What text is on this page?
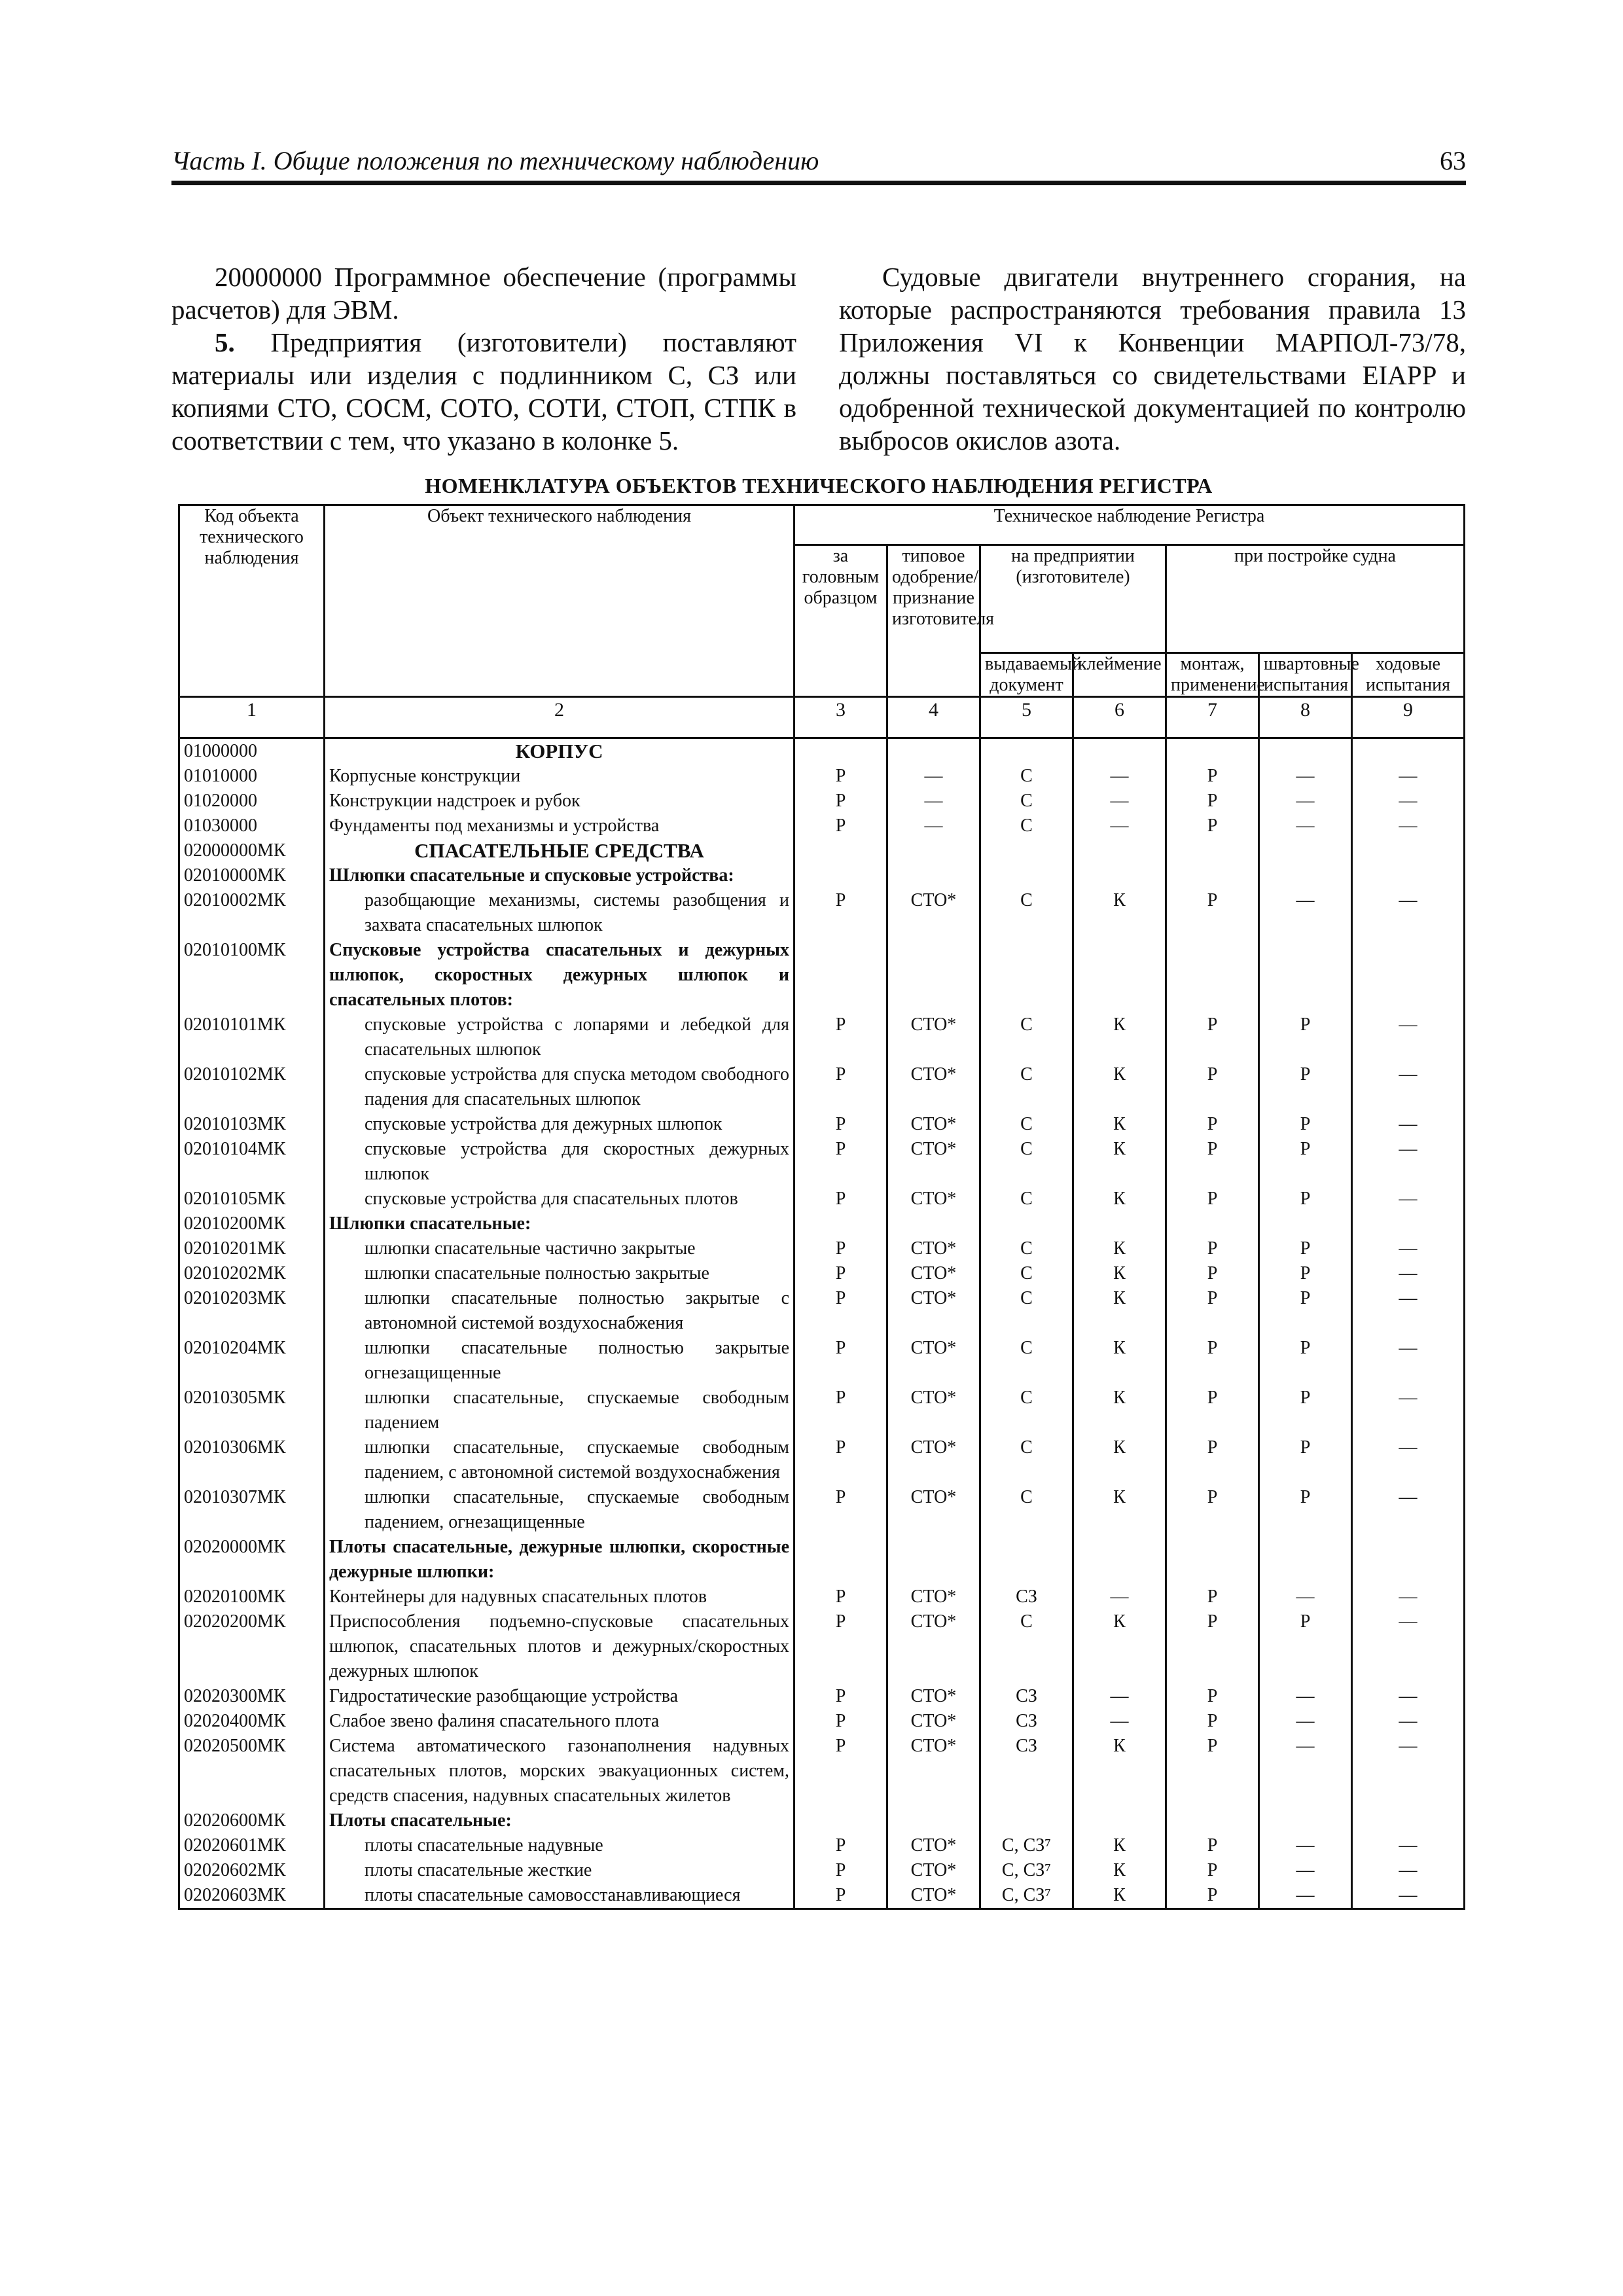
Часть I. Общие положения по техническому наблюдению	63

20000000 Программное обеспечение (программы расчетов) для ЭВМ.

5. Предприятия (изготовители) поставляют материалы или изделия с подлинником С, СЗ или копиями СТО, СОСМ, СОТО, СОТИ, СТОП, СТПК в соответствии с тем, что указано в колонке 5.

Судовые двигатели внутреннего сгорания, на которые распространяются требования правила 13 Приложения VI к Конвенции МАРПОЛ-73/78, должны поставляться со свидетельствами EIAPP и одобренной технической документацией по контролю выбросов окислов азота.

НОМЕНКЛАТУРА ОБЪЕКТОВ ТЕХНИЧЕСКОГО НАБЛЮДЕНИЯ РЕГИСТРА
Код объекта технического наблюдения	Объект технического наблюдения	Техническое наблюдение Регистра						
		за головным образцом	типовое одобрение/признание изготовителя	на предприятии (изготовителе)		при постройке судна		
				выдаваемый документ	клеймение	монтаж, применение	швартовные испытания	ходовые испытания
1	2	3	4	5	6	7	8	9
01000000	КОРПУС							
01010000	Корпусные конструкции	Р	—	С	—	Р	—	—
01020000	Конструкции надстроек и рубок	Р	—	С	—	Р	—	—
01030000	Фундаменты под механизмы и устройства	Р	—	С	—	Р	—	—
02000000МК	СПАСАТЕЛЬНЫЕ СРЕДСТВА							
02010000МК	Шлюпки спасательные и спусковые устройства:							
02010002МК	разобщающие механизмы, системы разобщения и захвата спасательных шлюпок	Р	СТО*	С	К	Р	—	—
02010100МК	Спусковые устройства спасательных и дежурных шлюпок, скоростных дежурных шлюпок и спасательных плотов:							
02010101МК	спусковые устройства с лопарями и лебедкой для спасательных шлюпок	Р	СТО*	С	К	Р	Р	—
02010102МК	спусковые устройства для спуска методом свободного падения для спасательных шлюпок	Р	СТО*	С	К	Р	Р	—
02010103МК	спусковые устройства для дежурных шлюпок	Р	СТО*	С	К	Р	Р	—
02010104МК	спусковые устройства для скоростных дежурных шлюпок	Р	СТО*	С	К	Р	Р	—
02010105МК	спусковые устройства для спасательных плотов	Р	СТО*	С	К	Р	Р	—
02010200МК	Шлюпки спасательные:							
02010201МК	шлюпки спасательные частично закрытые	Р	СТО*	С	К	Р	Р	—
02010202МК	шлюпки спасательные полностью закрытые	Р	СТО*	С	К	Р	Р	—
02010203МК	шлюпки спасательные полностью закрытые с автономной системой воздухоснабжения	Р	СТО*	С	К	Р	Р	—
02010204МК	шлюпки спасательные полностью закрытые огнезащищенные	Р	СТО*	С	К	Р	Р	—
02010305МК	шлюпки спасательные, спускаемые свободным падением	Р	СТО*	С	К	Р	Р	—
02010306МК	шлюпки спасательные, спускаемые свободным падением, с автономной системой воздухоснабжения	Р	СТО*	С	К	Р	Р	—
02010307МК	шлюпки спасательные, спускаемые свободным падением, огнезащищенные	Р	СТО*	С	К	Р	Р	—
02020000МК	Плоты спасательные, дежурные шлюпки, скоростные дежурные шлюпки:							
02020100МК	Контейнеры для надувных спасательных плотов	Р	СТО*	СЗ	—	Р	—	—
02020200МК	Приспособления подъемно-спусковые спасательных шлюпок, спасательных плотов и дежурных/скоростных дежурных шлюпок	Р	СТО*	С	К	Р	Р	—
02020300МК	Гидростатические разобщающие устройства	Р	СТО*	СЗ	—	Р	—	—
02020400МК	Слабое звено фалиня спасательного плота	Р	СТО*	СЗ	—	Р	—	—
02020500МК	Система автоматического газонаполнения надувных спасательных плотов, морских эвакуационных систем, средств спасения, надувных спасательных жилетов	Р	СТО*	СЗ	К	Р	—	—
02020600МК	Плоты спасательные:							
02020601МК	плоты спасательные надувные	Р	СТО*	С, СЗ⁷	К	Р	—	—
02020602МК	плоты спасательные жесткие	Р	СТО*	С, СЗ⁷	К	Р	—	—
02020603МК	плоты спасательные самовосстанавливающиеся	Р	СТО*	С, СЗ⁷	К	Р	—	—
